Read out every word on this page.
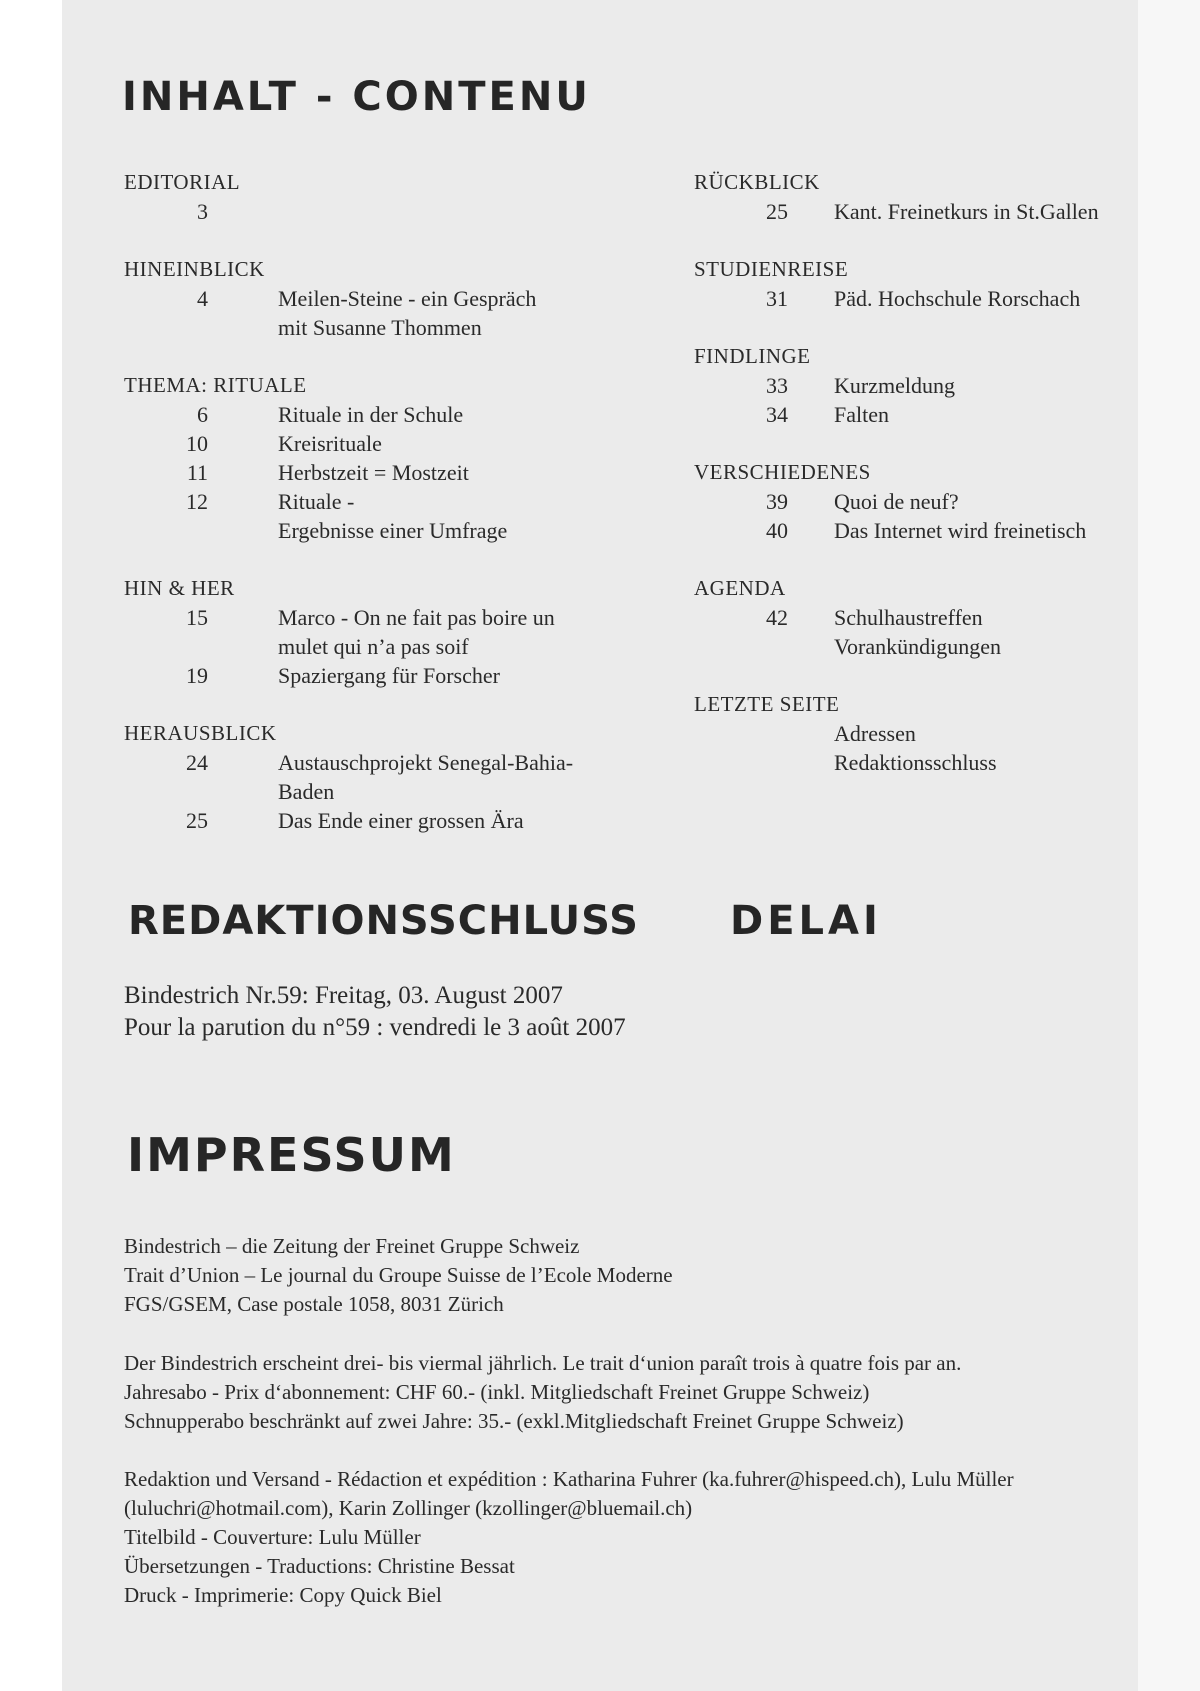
INHALT - CONTENU
EDITORIAL
3
HINEINBLICK
4	Meilen-Steine - ein Gespräch
mit Susanne Thommen
THEMA: RITUALE
6	Rituale in der Schule
10	Kreisrituale
11	Herbstzeit = Mostzeit
12	Rituale -
Ergebnisse einer Umfrage
HIN & HER
15	Marco - On ne fait pas boire un
mulet qui n’a pas soif
19	Spaziergang für Forscher
HERAUSBLICK
24	Austauschprojekt Senegal-Bahia-
Baden
25	Das Ende einer grossen Ära
RÜCKBLICK
25	Kant. Freinetkurs in St.Gallen
STUDIENREISE
31	Päd. Hochschule Rorschach
FINDLINGE
33	Kurzmeldung
34	Falten
VERSCHIEDENES
39	Quoi de neuf?
40	Das Internet wird freinetisch
AGENDA
42	Schulhaustreffen
Vorankündigungen
LETZTE SEITE
Adressen
Redaktionsschluss
REDAKTIONSSCHLUSS DELAI
Bindestrich Nr.59: Freitag, 03. August 2007
Pour la parution du n°59 : vendredi le 3 août 2007
IMPRESSUM
Bindestrich – die Zeitung der Freinet Gruppe Schweiz
Trait d’Union – Le journal du Groupe Suisse de l’Ecole Moderne
FGS/GSEM, Case postale 1058, 8031 Zürich
Der Bindestrich erscheint drei- bis viermal jährlich. Le trait d‘union paraît trois à quatre fois par an.
Jahresabo - Prix d‘abonnement: CHF 60.- (inkl. Mitgliedschaft Freinet Gruppe Schweiz)
Schnupperabo beschränkt auf zwei Jahre: 35.- (exkl.Mitgliedschaft Freinet Gruppe Schweiz)
Redaktion und Versand - Rédaction et expédition : Katharina Fuhrer (ka.fuhrer@hispeed.ch), Lulu Müller
(luluchri@hotmail.com), Karin Zollinger (kzollinger@bluemail.ch)
Titelbild - Couverture: Lulu Müller
Übersetzungen - Traductions: Christine Bessat
Druck - Imprimerie: Copy Quick Biel
